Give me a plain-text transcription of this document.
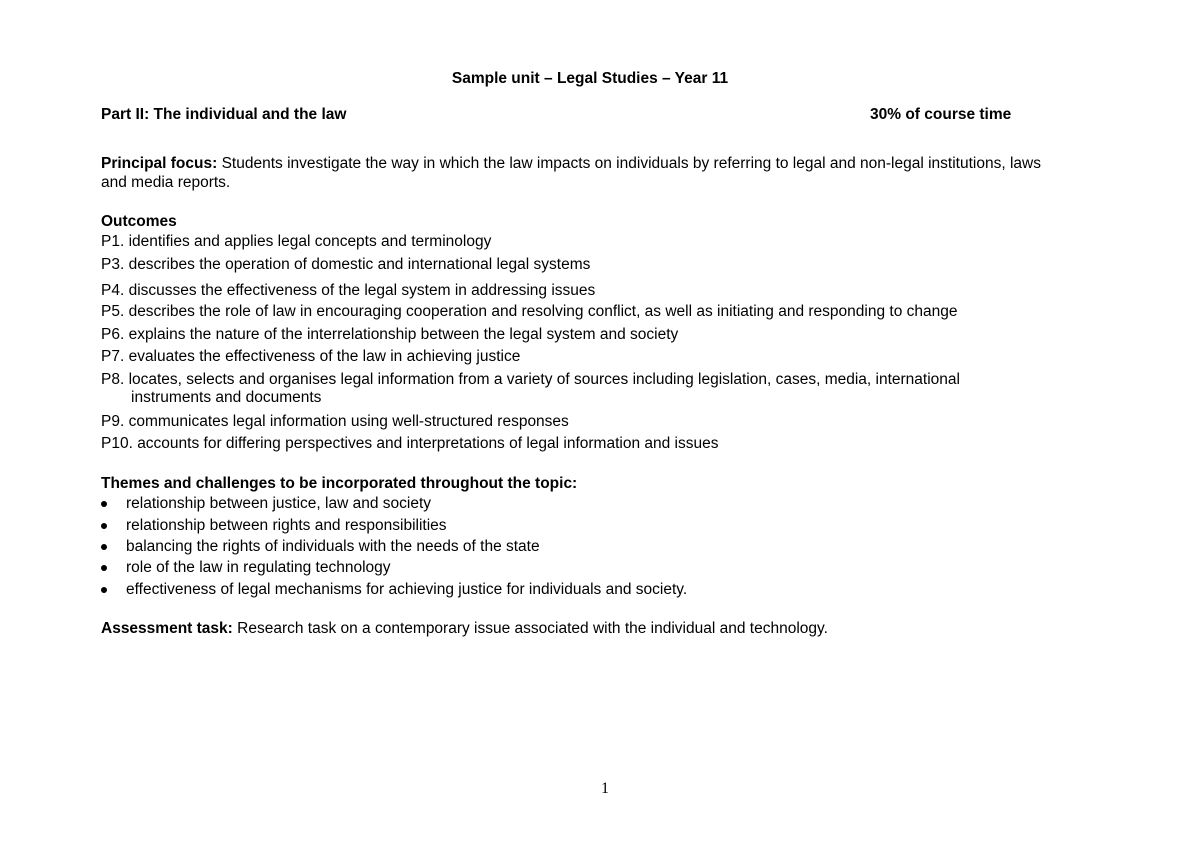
Sample unit – Legal Studies – Year 11
Part II: The individual and the law	30% of course time
Principal focus: Students investigate the way in which the law impacts on individuals by referring to legal and non-legal institutions, laws and media reports.
Outcomes
P1. identifies and applies legal concepts and terminology
P3. describes the operation of domestic and international legal systems
P4. discusses the effectiveness of the legal system in addressing issues
P5. describes the role of law in encouraging cooperation and resolving conflict, as well as initiating and responding to change
P6. explains the nature of the interrelationship between the legal system and society
P7. evaluates the effectiveness of the law in achieving justice
P8. locates, selects and organises legal information from a variety of sources including legislation, cases, media, international
instruments and documents
P9. communicates legal information using well-structured responses
P10. accounts for differing perspectives and interpretations of legal information and issues
Themes and challenges to be incorporated throughout the topic:
relationship between justice, law and society
relationship between rights and responsibilities
balancing the rights of individuals with the needs of the state
role of the law in regulating technology
effectiveness of legal mechanisms for achieving justice for individuals and society.
Assessment task: Research task on a contemporary issue associated with the individual and technology.
1
